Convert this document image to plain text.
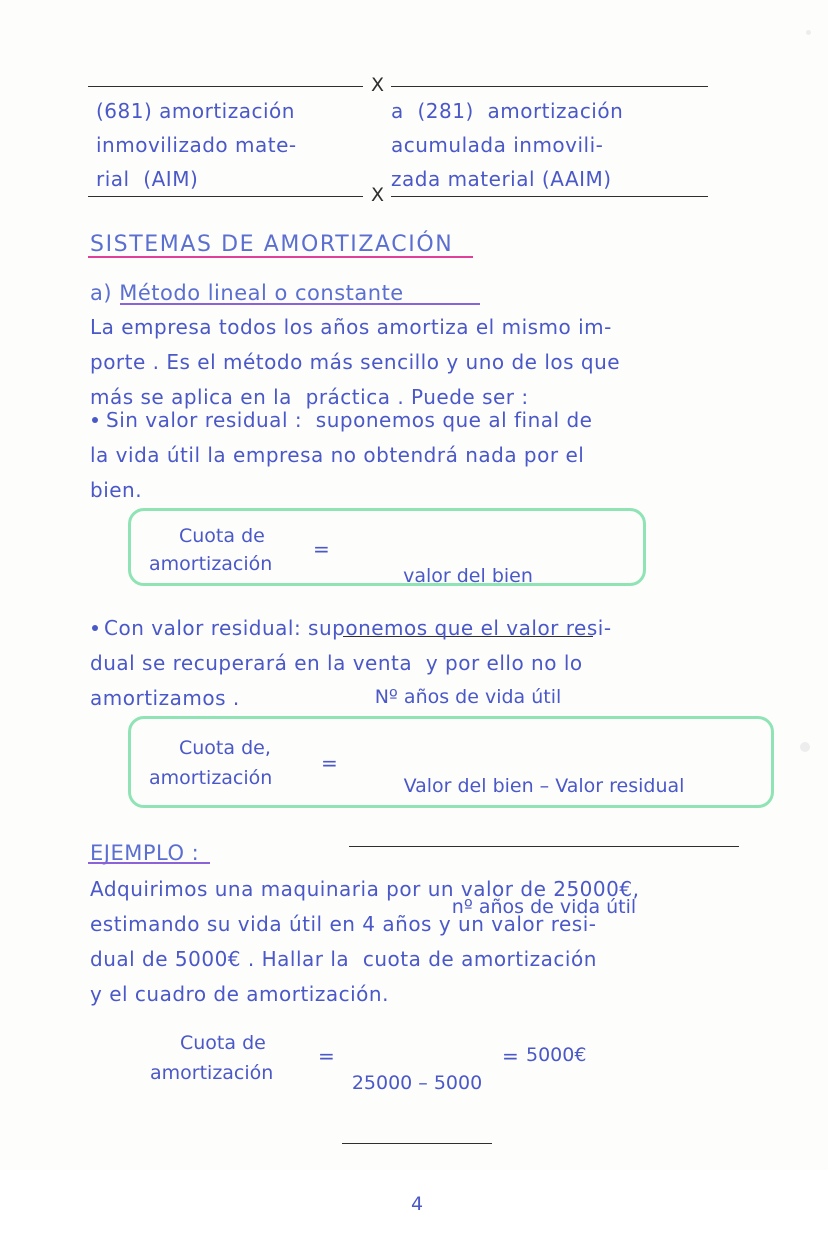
X
(681) amortización
inmovilizado mate-
rial  (AIM)
a  (281)  amortización
acumulada inmovili-
zada material (AAIM)
X
SISTEMAS DE AMORTIZACIÓN
a) Método lineal o constante
La empresa todos los años amortiza el mismo im-
porte . Es el método más sencillo y uno de los que
más se aplica en la  práctica . Puede ser :
Sin valor residual :  suponemos que al final de
la vida útil la empresa no obtendrá nada por el
bien.
Cuota de
amortización
=

valor del bien

Nº años de vida útil

Con valor residual: suponemos que el valor resi-
dual se recuperará en la venta  y por ello no lo
amortizamos .
Cuota de,
amortización
=

Valor del bien – Valor residual

nº años de vida útil

EJEMPLO :
Adquirimos una maquinaria por un valor de 25000€,
estimando su vida útil en 4 años y un valor resi-
dual de 5000€ . Hallar la  cuota de amortización
y el cuadro de amortización.
Cuota de
amortización
=

25000 – 5000

4

= 5000€
